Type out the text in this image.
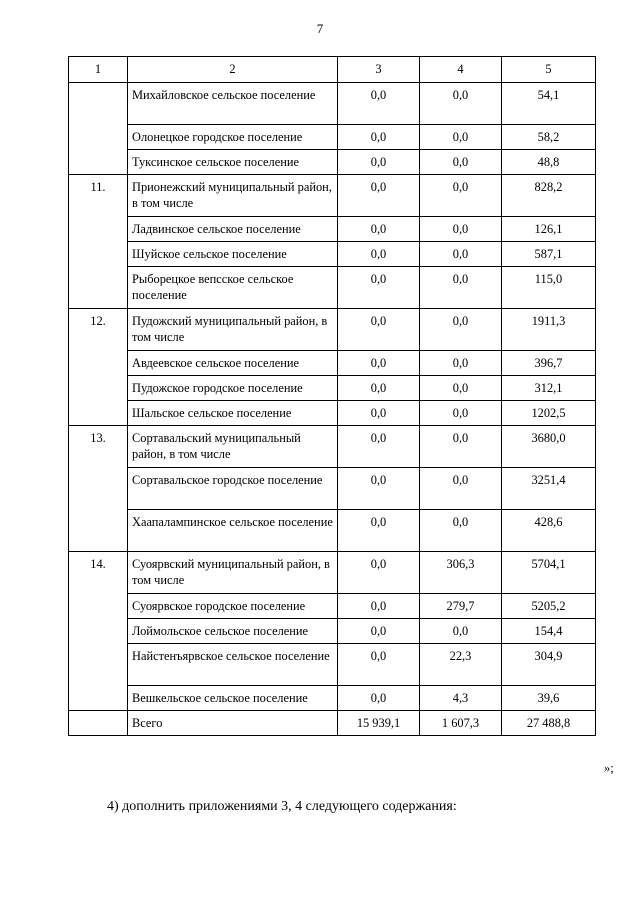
7
1	2	3	4	5
	Михайловское сельское поселение	0,0	0,0	54,1
	Олонецкое городское поселение	0,0	0,0	58,2
	Туксинское сельское поселение	0,0	0,0	48,8
11.	Прионежский муниципальный район, в том числе	0,0	0,0	828,2
	Ладвинское сельское поселение	0,0	0,0	126,1
	Шуйское сельское поселение	0,0	0,0	587,1
	Рыборецкое вепсское сельское поселение	0,0	0,0	115,0
12.	Пудожский муниципальный район, в том числе	0,0	0,0	1911,3
	Авдеевское сельское поселение	0,0	0,0	396,7
	Пудожское городское поселение	0,0	0,0	312,1
	Шальское сельское поселение	0,0	0,0	1202,5
13.	Сортавальский муниципальный район, в том числе	0,0	0,0	3680,0
	Сортавальское городское поселение	0,0	0,0	3251,4
	Хаапалампинское сельское поселение	0,0	0,0	428,6
14.	Суоярвский муниципальный район, в том числе	0,0	306,3	5704,1
	Суоярвское городское поселение	0,0	279,7	5205,2
	Лоймольское сельское поселение	0,0	0,0	154,4
	Найстенъярвское сельское поселение	0,0	22,3	304,9
	Вешкельское сельское поселение	0,0	4,3	39,6
	Всего	15 939,1	1 607,3	27 488,8
»;
4) дополнить приложениями 3, 4 следующего содержания:
